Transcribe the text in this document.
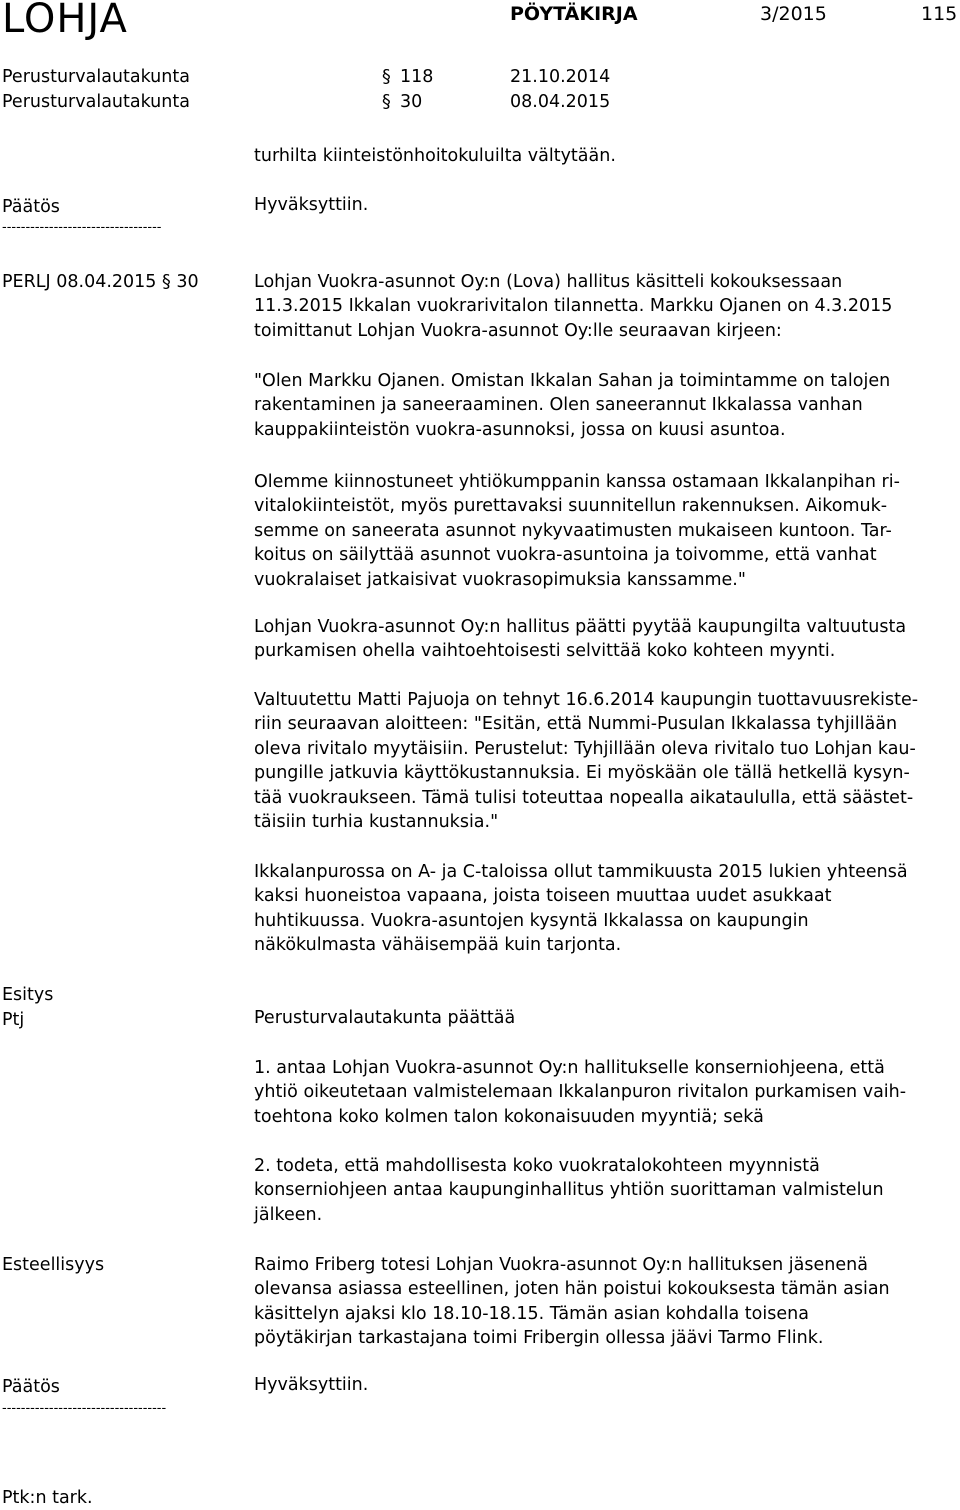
LOHJA	PÖYTÄKIRJA	3/2015	115
Perusturvalautakunta	§ 118	21.10.2014
Perusturvalautakunta	§ 30	08.04.2015
turhilta kiinteistönhoitokuluilta vältytään.
Päätös	Hyväksyttiin.
----------------------------------
PERLJ 08.04.2015 § 30	Lohjan Vuokra-asunnot Oy:n (Lova) hallitus käsitteli kokouksessaan
11.3.2015 Ikkalan vuokrarivitalon tilannetta. Markku Ojanen on 4.3.2015
toimittanut Lohjan Vuokra-asunnot Oy:lle seuraavan kirjeen:
"Olen Markku Ojanen. Omistan Ikkalan Sahan ja toimintamme on talojen
rakentaminen ja saneeraaminen. Olen saneerannut Ikkalassa vanhan
kauppakiinteistön vuokra-asunnoksi, jossa on kuusi asuntoa.
Olemme kiinnostuneet yhtiökumppanin kanssa ostamaan Ikkalanpihan ri-
vitalokiinteistöt, myös purettavaksi suunnitellun rakennuksen. Aikomuk-
semme on saneerata asunnot nykyvaatimusten mukaiseen kuntoon. Tar-
koitus on säilyttää asunnot vuokra-asuntoina ja toivomme, että vanhat
vuokralaiset jatkaisivat vuokrasopimuksia kanssamme."
Lohjan Vuokra-asunnot Oy:n hallitus päätti pyytää kaupungilta valtuutusta
purkamisen ohella vaihtoehtoisesti selvittää koko kohteen myynti.
Valtuutettu Matti Pajuoja on tehnyt 16.6.2014 kaupungin tuottavuusrekiste-
riin seuraavan aloitteen: "Esitän, että Nummi-Pusulan Ikkalassa tyhjillään
oleva rivitalo myytäisiin. Perustelut: Tyhjillään oleva rivitalo tuo Lohjan kau-
pungille jatkuvia käyttökustannuksia. Ei myöskään ole tällä hetkellä kysyn-
tää vuokraukseen. Tämä tulisi toteuttaa nopealla aikataululla, että säästet-
täisiin turhia kustannuksia."
Ikkalanpurossa on A- ja C-taloissa ollut tammikuusta 2015 lukien yhteensä
kaksi huoneistoa vapaana, joista toiseen muuttaa uudet asukkaat
huhtikuussa. Vuokra-asuntojen kysyntä Ikkalassa on kaupungin
näkökulmasta vähäisempää kuin tarjonta.
Esitys
Ptj	Perusturvalautakunta päättää
1. antaa Lohjan Vuokra-asunnot Oy:n hallitukselle konserniohjeena, että
yhtiö oikeutetaan valmistelemaan Ikkalanpuron rivitalon purkamisen vaih-
toehtona koko kolmen talon kokonaisuuden myyntiä; sekä
2. todeta, että mahdollisesta koko vuokratalokohteen myynnistä
konserniohjeen antaa kaupunginhallitus yhtiön suorittaman valmistelun
jälkeen.
Esteellisyys	Raimo Friberg totesi Lohjan Vuokra-asunnot Oy:n hallituksen jäsenenä
olevansa asiassa esteellinen, joten hän poistui kokouksesta tämän asian
käsittelyn ajaksi klo 18.10-18.15. Tämän asian kohdalla toisena
pöytäkirjan tarkastajana toimi Fribergin ollessa jäävi Tarmo Flink.
Päätös	Hyväksyttiin.
-----------------------------------
Ptk:n tark.
